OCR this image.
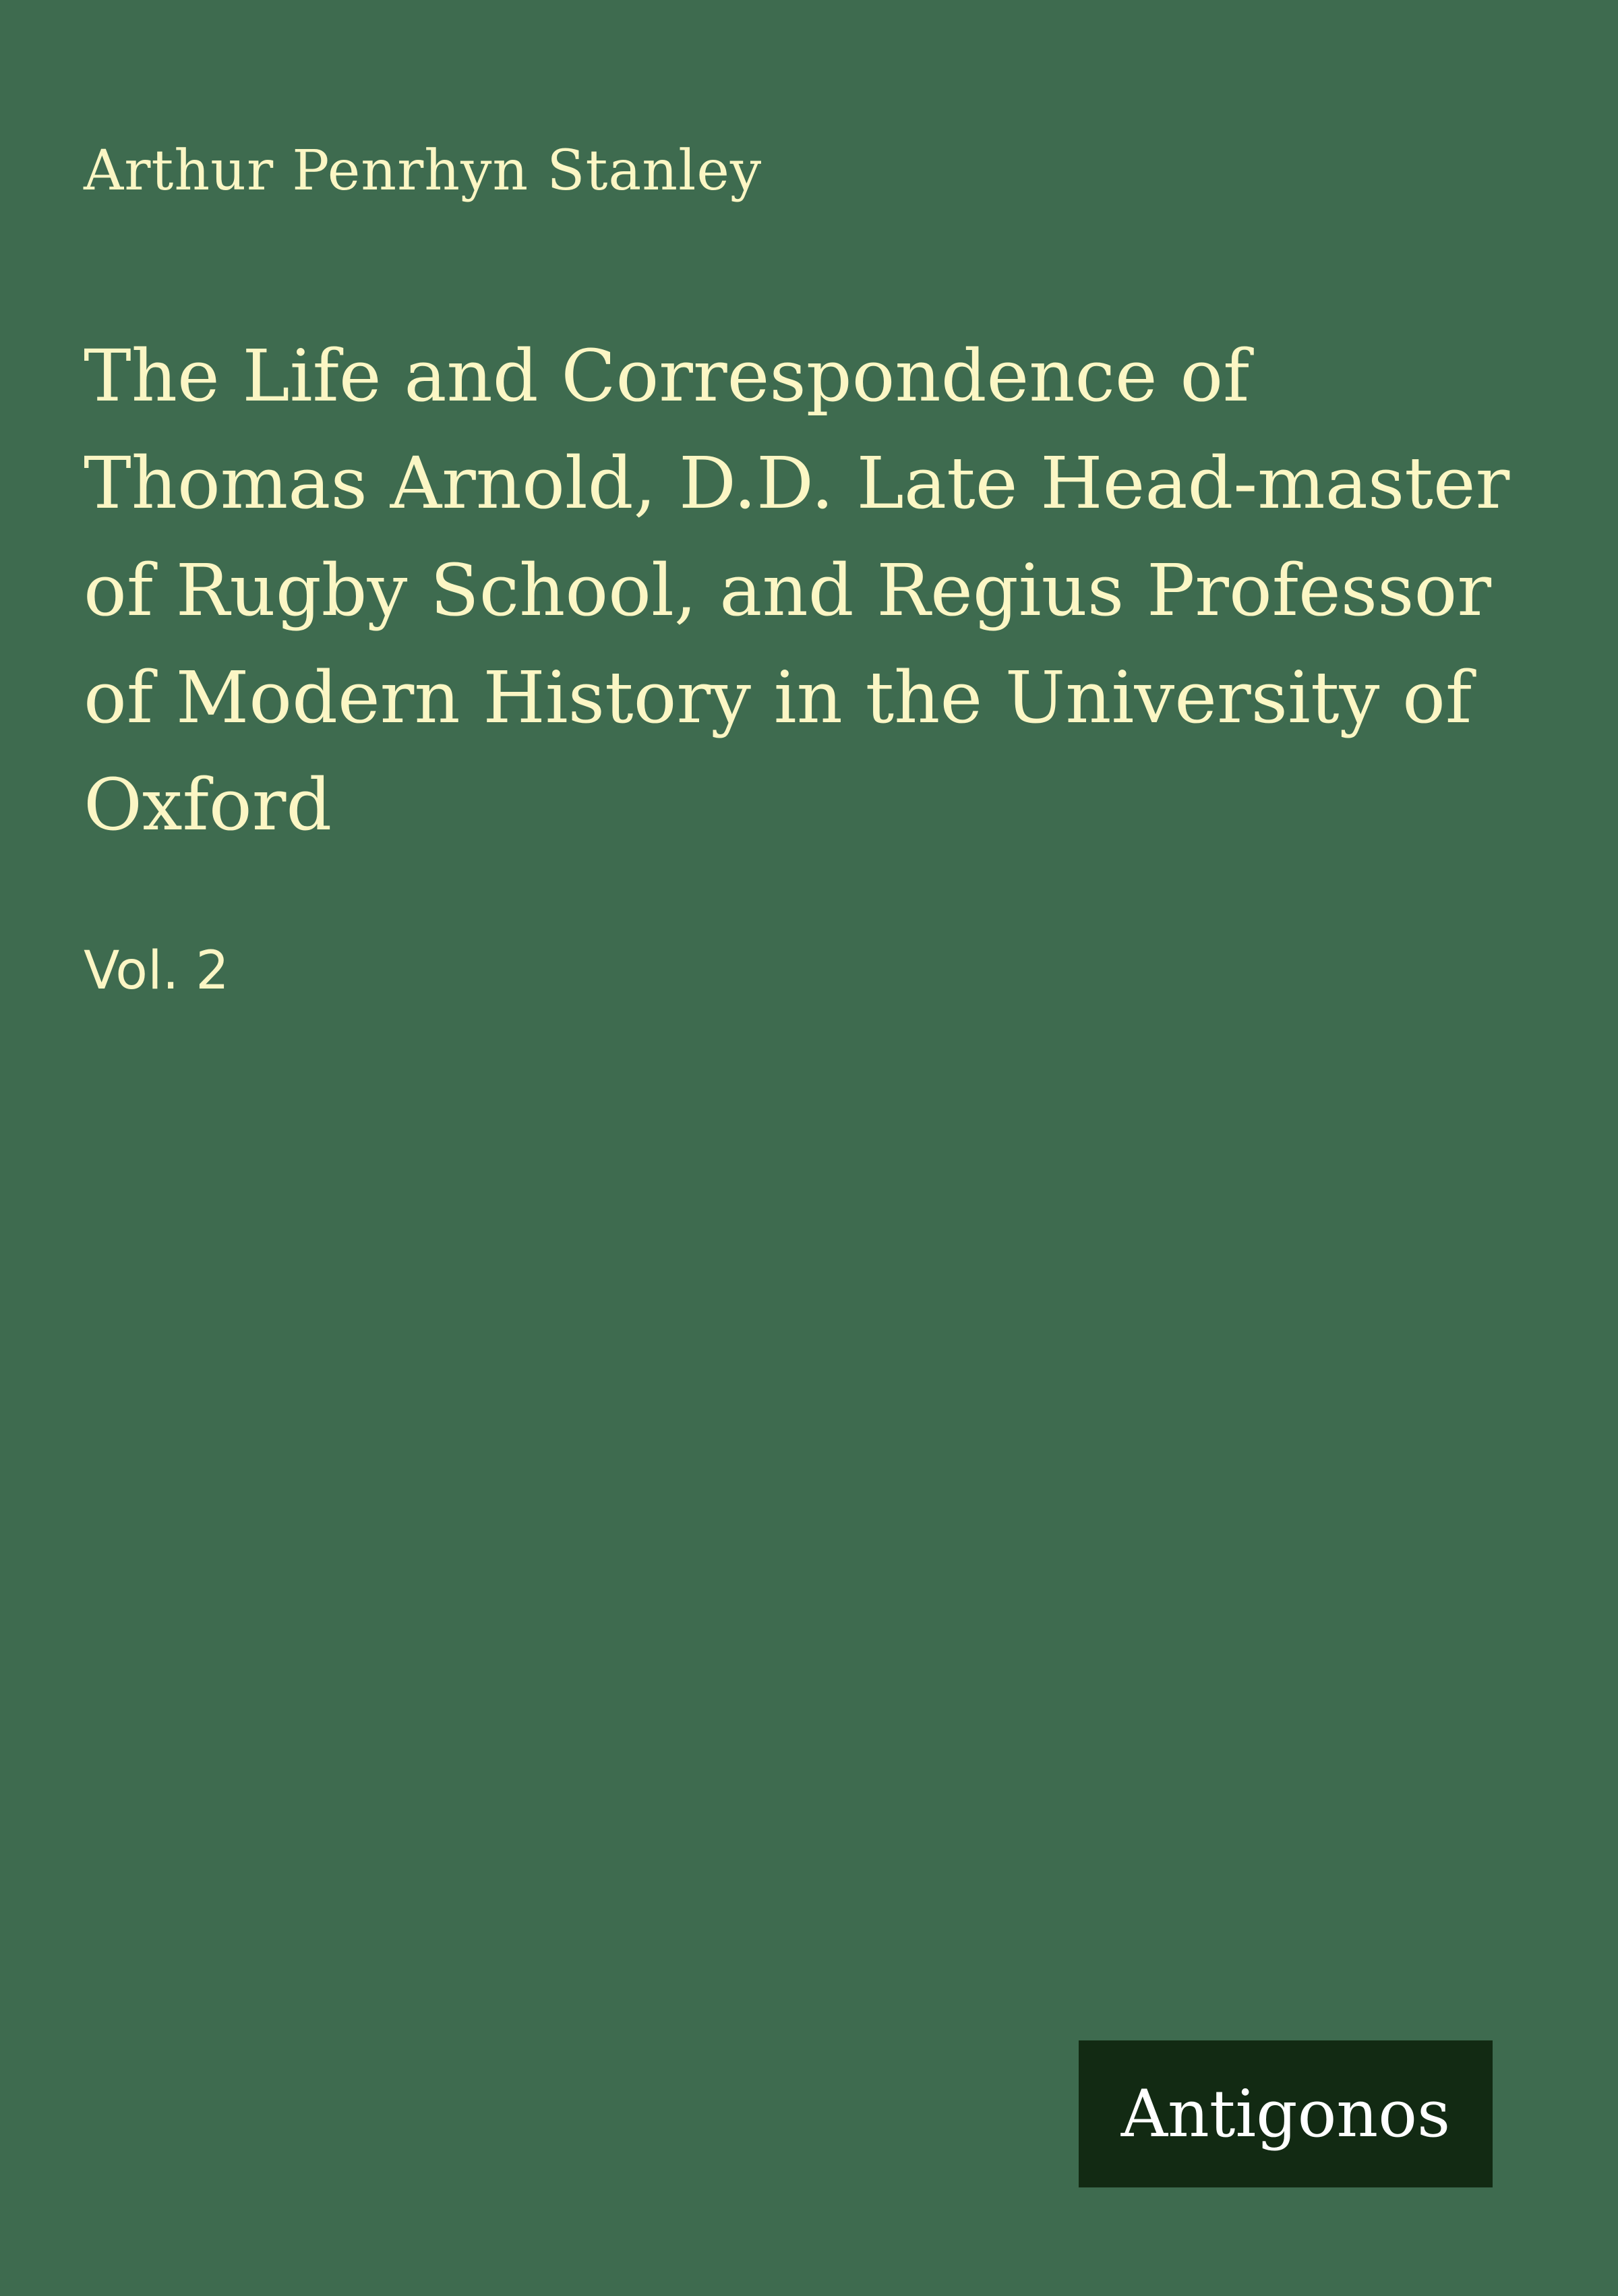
Arthur Penrhyn Stanley
The Life and Correspondence of Thomas Arnold, D.D. Late Head-master of Rugby School, and Regius Professor of Modern History in the University of Oxford
Vol. 2
Antigonos
